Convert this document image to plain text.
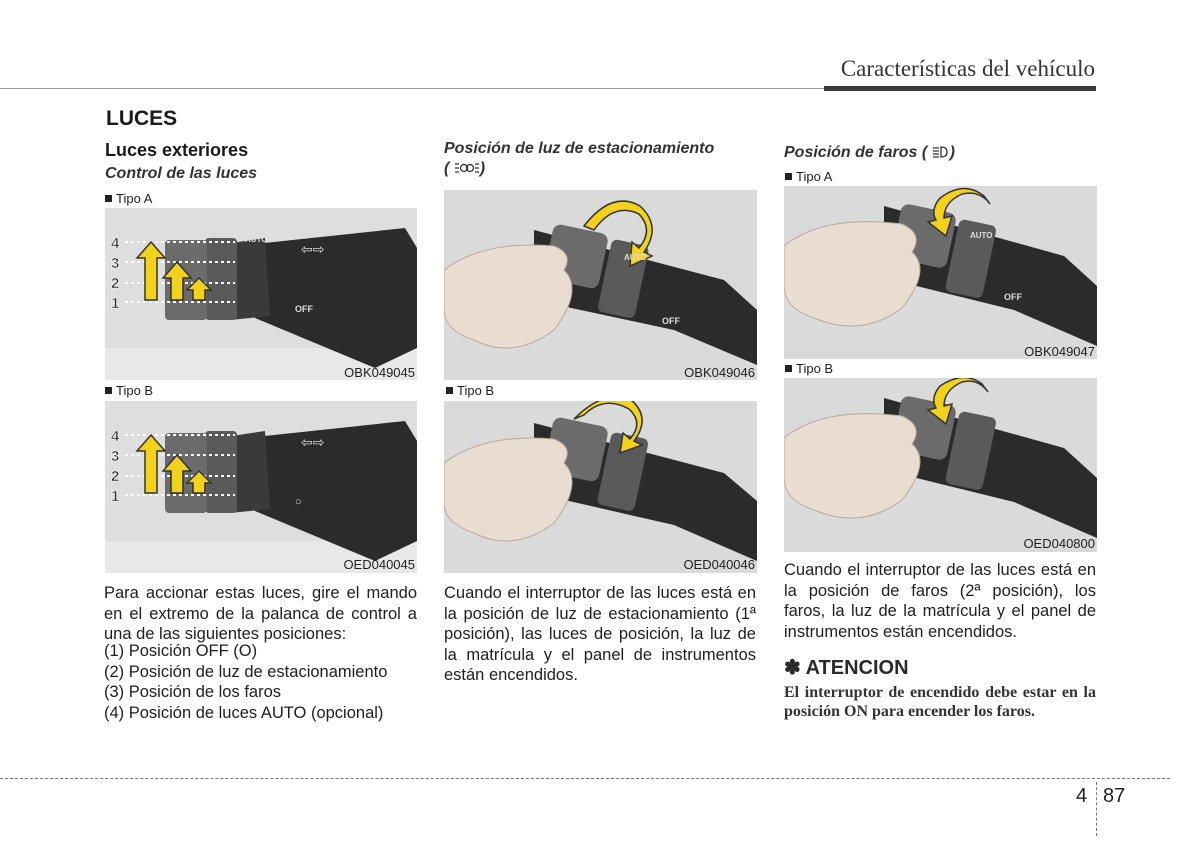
Características del vehículo
LUCES
Luces exteriores
Control de las luces
Tipo A
AUTO
OFF
⇦⇨
4
3
2
1
OBK049045
Tipo B
⇦⇨
○
4
3
2
1
OED040045
Para accionar estas luces, gire el mando en el extremo de la palanca de control a una de las siguientes posiciones:
(1) Posición OFF (O)
(2) Posición de luz de estacionamiento
(3) Posición de los faros
(4) Posición de luces AUTO (opcional)
Posición de luz de estacionamiento
( )
AUTO
OFF
OBK049046
Tipo B
OED040046
Cuando el interruptor de las luces está en la posición de luz de estacionamiento (1ª posición), las luces de posición, la luz de la matrícula y el panel de instrumentos están encendidos.
Posición de faros ( )
Tipo A
AUTO
OFF
OBK049047
Tipo B
OED040800
Cuando el interruptor de las luces está en la posición de faros (2ª posición), los faros, la luz de la matrícula y el panel de instrumentos están encendidos.
✽ ATENCION
El interruptor de encendido debe estar en la posición ON para encender los faros.
4 87
